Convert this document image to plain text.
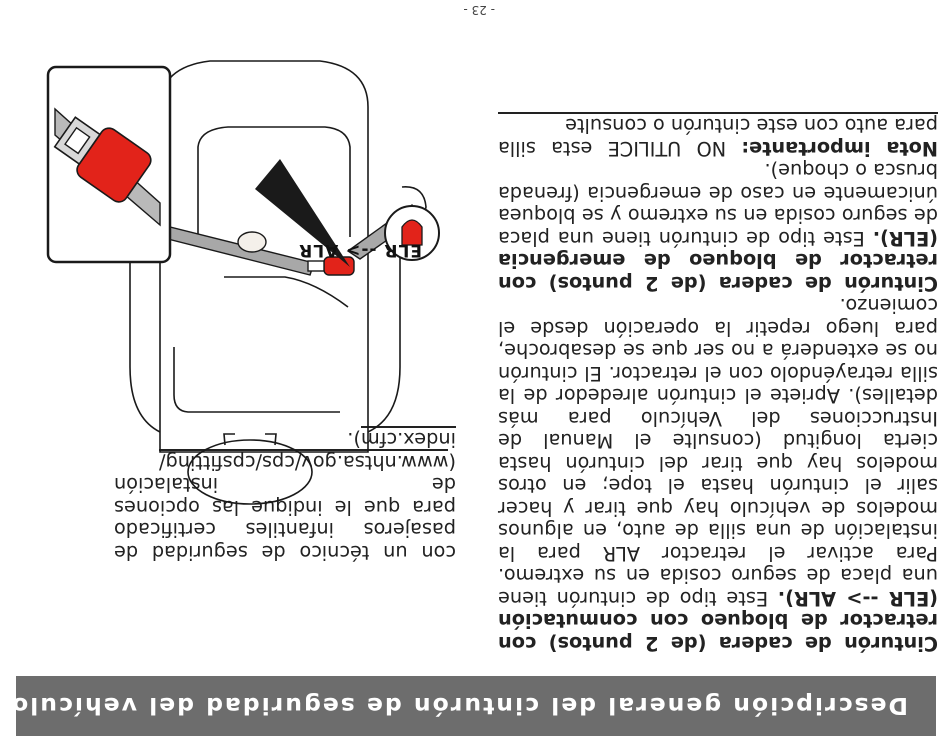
Descripción general del cinturón de seguridad del vehículo

Cinturón de cadera (de 2 puntos) con retractor de bloqueo con conmutación (ELR --> ALR). Este tipo de cinturón tiene una placa de seguro cosida en su extremo. Para activar el retractor ALR para la instalación de una silla de auto, en algunos modelos de vehículo hay que tirar y hacer salir el cinturón hasta el tope; en otros modelos hay que tirar del cinturón hasta cierta longitud (consulte el Manual de Instrucciones del Vehículo para más detalles). Apriete el cinturón alrededor de la silla retrayéndolo con el retractor. El cinturón no se extenderá a no ser que se desabroche, para luego repetir la operación desde el comienzo.

Cinturón de cadera (de 2 puntos) con retractor de bloqueo de emergencia (ELR). Este tipo de cinturón tiene una placa de seguro cosida en su extremo y se bloquea únicamente en caso de emergencia (frenada brusca o choque).

Nota importante: NO UTILICE esta silla para auto con este cinturón o consulte

con un técnico de seguridad de pasajeros infantiles certificado para que le indique las opciones de instalación (www.nhtsa.gov/cps/cpsfitting/ index.cfm).

ELR --> ALR
- 23 -
